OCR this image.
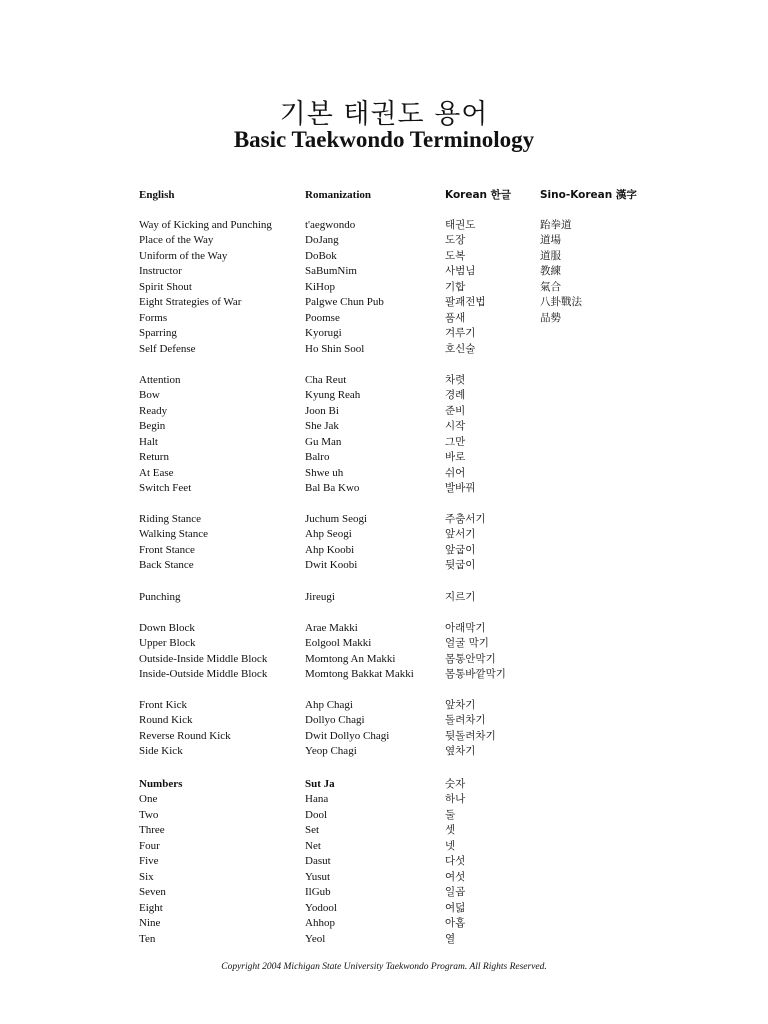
기본 태권도 용어
Basic Taekwondo Terminology
English	Romanization	Korean 한글	Sino-Korean 漢字
Way of Kicking and Punching	t'aegwondo	태권도	跆拳道
Place of the Way	DoJang	도장	道場
Uniform of the Way	DoBok	도복	道服
Instructor	SaBumNim	사범님	教練
Spirit Shout	KiHop	기합	氣合
Eight Strategies of War	Palgwe Chun Pub	팔괘전법	八卦戰法
Forms	Poomse	품새	品勢
Sparring	Kyorugi	겨루기
Self Defense	Ho Shin Sool	호신술
Attention	Cha Reut	차렷
Bow	Kyung Reah	경례
Ready	Joon Bi	준비
Begin	She Jak	시작
Halt	Gu Man	그만
Return	Balro	바로
At Ease	Shwe uh	쉬어
Switch Feet	Bal Ba Kwo	발바꿔
Riding Stance	Juchum Seogi	주춤서기
Walking Stance	Ahp Seogi	앞서기
Front Stance	Ahp Koobi	앞굽이
Back Stance	Dwit Koobi	뒷굽이
Punching	Jireugi	지르기
Down Block	Arae Makki	아래막기
Upper Block	Eolgool Makki	얼굴 막기
Outside-Inside Middle Block	Momtong An Makki	몸통안막기
Inside-Outside Middle Block	Momtong Bakkat Makki	몸통바깥막기
Front Kick	Ahp Chagi	앞차기
Round Kick	Dollyo Chagi	돌려차기
Reverse Round Kick	Dwit Dollyo Chagi	뒷돌려차기
Side Kick	Yeop Chagi	옆차기
Numbers	Sut Ja	숫자
One	Hana	하나
Two	Dool	둘
Three	Set	셋
Four	Net	넷
Five	Dasut	다섯
Six	Yusut	여섯
Seven	IlGub	일곱
Eight	Yodool	여덟
Nine	Ahhop	아홉
Ten	Yeol	열
Copyright 2004 Michigan State University Taekwondo Program. All Rights Reserved.
